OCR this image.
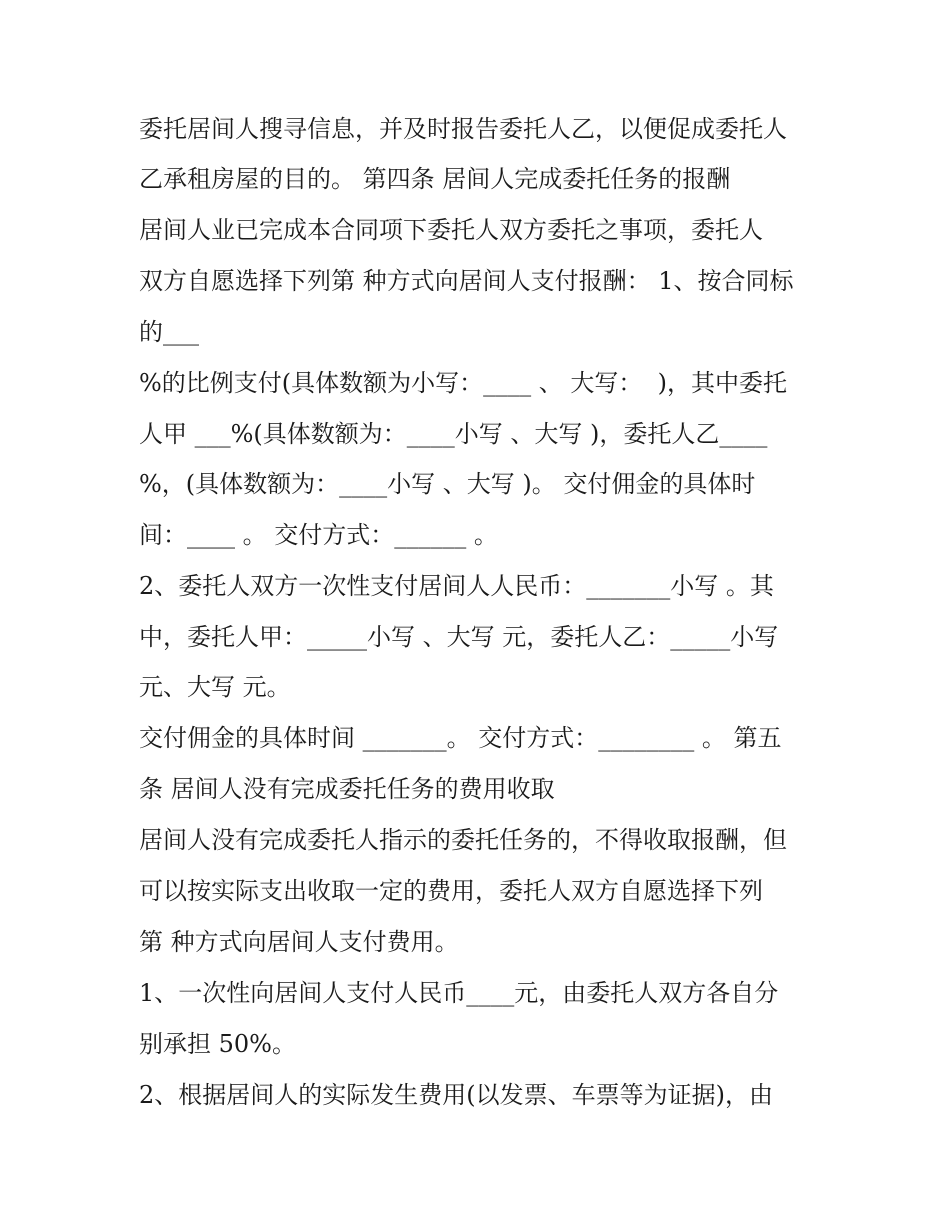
委托居间人搜寻信息，并及时报告委托人乙，以便促成委托人

乙承租房屋的目的。 第四条 居间人完成委托任务的报酬

居间人业已完成本合同项下委托人双方委托之事项，委托人

双方自愿选择下列第 种方式向居间人支付报酬： 1、按合同标

的___

%的比例支付(具体数额为小写：____ 、 大写：  )，其中委托

人甲 ___%(具体数额为：____小写 、大写 )，委托人乙____

%，(具体数额为：____小写 、大写 )。 交付佣金的具体时

间：____ 。 交付方式：______ 。

2、委托人双方一次性支付居间人人民币：_______小写 。其

中，委托人甲：_____小写 、大写 元，委托人乙：_____小写

元、大写 元。

交付佣金的具体时间 _______。 交付方式：________ 。 第五

条 居间人没有完成委托任务的费用收取

居间人没有完成委托人指示的委托任务的，不得收取报酬，但

可以按实际支出收取一定的费用，委托人双方自愿选择下列

第 种方式向居间人支付费用。

1、一次性向居间人支付人民币____元，由委托人双方各自分

别承担 50%。

2、根据居间人的实际发生费用(以发票、车票等为证据)，由
